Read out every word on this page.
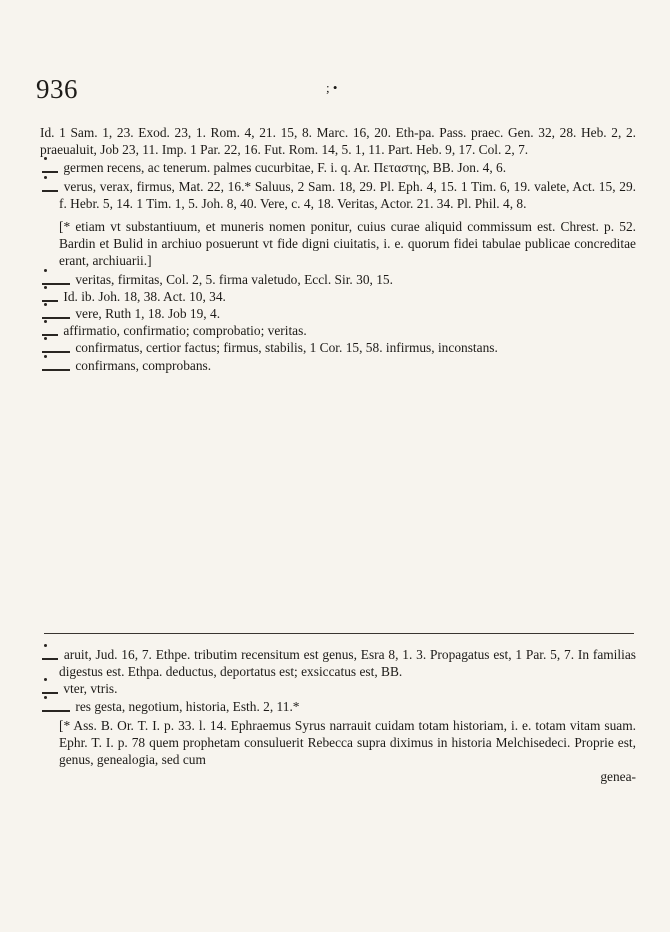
936	; •

Id. 1 Sam. 1, 23. Exod. 23, 1. Rom. 4, 21. 15, 8. Marc. 16, 20. Eth-pa. Pass. praec. Gen. 32, 28. Heb. 2, 2. praeualuit, Job 23, 11. Imp. 1 Par. 22, 16. Fut. Rom. 14, 5. 1, 11. Part. Heb. 9, 17. Col. 2, 7.

germen recens, ac tenerum. palmes cucurbitae, F. i. q. Ar. Πεταστης, BB. Jon. 4, 6.

verus, verax, firmus, Mat. 22, 16.* Saluus, 2 Sam. 18, 29. Pl. Eph. 4, 15. 1 Tim. 6, 19. valete, Act. 15, 29. f. Hebr. 5, 14. 1 Tim. 1, 5. Joh. 8, 40. Vere, c. 4, 18. Veritas, Actor. 21. 34. Pl. Phil. 4, 8.

[* etiam vt substantiuum, et muneris nomen ponitur, cuius curae aliquid commissum est. Chrest. p. 52. Bardin et Bulid in archiuo posuerunt vt fide digni ciuitatis, i. e. quorum fidei tabulae publicae concreditae erant, archiuarii.]

veritas, firmitas, Col. 2, 5. firma valetudo, Eccl. Sir. 30, 15.

Id. ib. Joh. 18, 38. Act. 10, 34.

vere, Ruth 1, 18. Job 19, 4.

affirmatio, confirmatio; comprobatio; veritas.

confirmatus, certior factus; firmus, stabilis, 1 Cor. 15, 58. infirmus, inconstans.

confirmans, comprobans.

aruit, Jud. 16, 7. Ethpe. tributim recensitum est genus, Esra 8, 1. 3. Propagatus est, 1 Par. 5, 7. In familias digestus est. Ethpa. deductus, deportatus est; exsiccatus est, BB.

vter, vtris.

res gesta, negotium, historia, Esth. 2, 11.*

[* Ass. B. Or. T. I. p. 33. l. 14. Ephraemus Syrus narrauit cuidam totam historiam, i. e. totam vitam suam. Ephr. T. I. p. 78 quem prophetam consuluerit Rebecca supra diximus in historia Melchisedeci. Proprie est, genus, genealogia, sed cum

genea-
